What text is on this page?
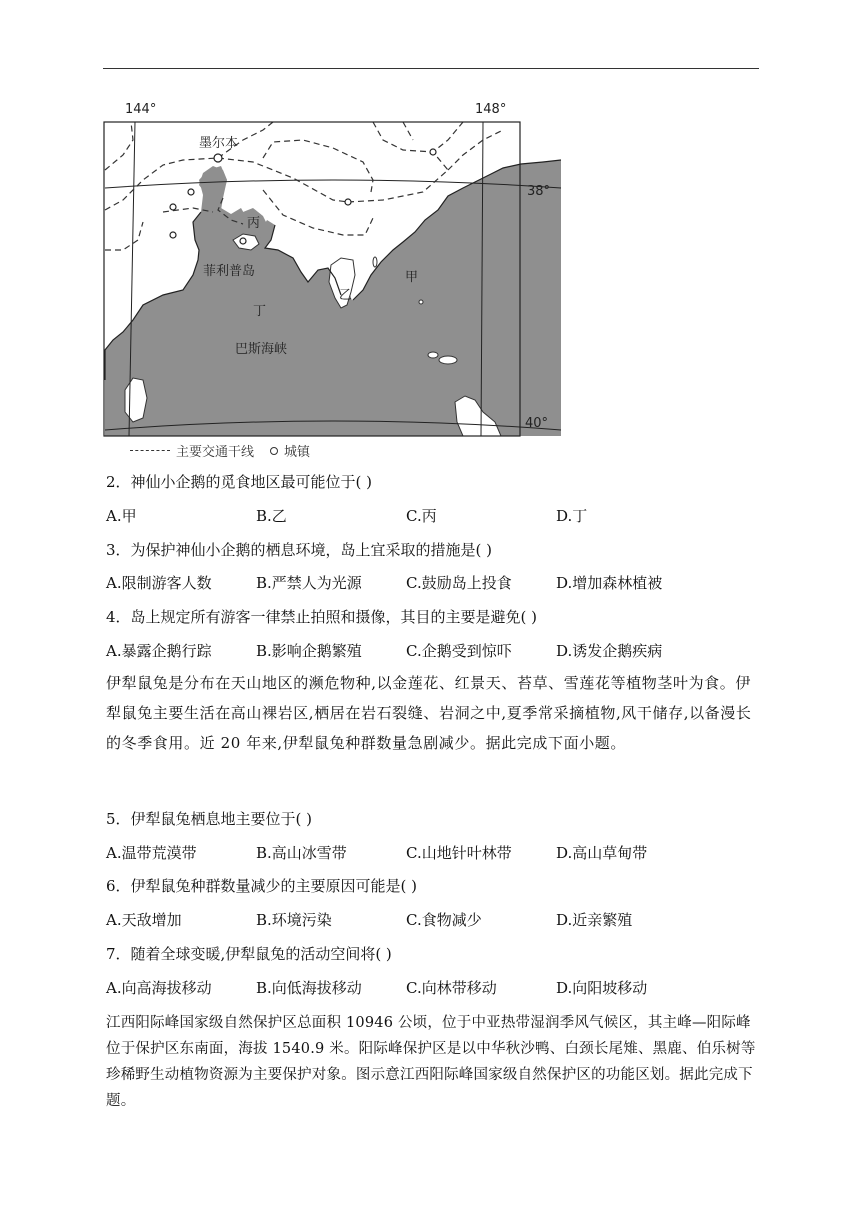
144°	148°
38°
40°
墨尔本
菲利普岛
巴斯海峡
甲
乙
丙
丁
主要交通干线 城镇
2．神仙小企鹅的觅食地区最可能位于( )
A.甲	B.乙	C.丙	D.丁
3．为保护神仙小企鹅的栖息环境，岛上宜采取的措施是( )
A.限制游客人数	B.严禁人为光源	C.鼓励岛上投食	D.增加森林植被
4．岛上规定所有游客一律禁止拍照和摄像，其目的主要是避免( )
A.暴露企鹅行踪	B.影响企鹅繁殖	C.企鹅受到惊吓	D.诱发企鹅疾病
伊犁鼠兔是分布在天山地区的濒危物种,以金莲花、红景天、苔草、雪莲花等植物茎叶为食。伊犁鼠兔主要生活在高山裸岩区,栖居在岩石裂缝、岩洞之中,夏季常采摘植物,风干储存,以备漫长的冬季食用。近 20 年来,伊犁鼠兔种群数量急剧减少。据此完成下面小题。
5．伊犁鼠兔栖息地主要位于( )
A.温带荒漠带	B.高山冰雪带	C.山地针叶林带	D.高山草甸带
6．伊犁鼠兔种群数量减少的主要原因可能是( )
A.天敌增加	B.环境污染	C.食物减少	D.近亲繁殖
7．随着全球变暖,伊犁鼠兔的活动空间将( )
A.向高海拔移动	B.向低海拔移动	C.向林带移动	D.向阳坡移动
江西阳际峰国家级自然保护区总面积 10946 公顷，位于中亚热带湿润季风气候区，其主峰—阳际峰位于保护区东南面，海拔 1540.9 米。阳际峰保护区是以中华秋沙鸭、白颈长尾雉、黑鹿、伯乐树等珍稀野生动植物资源为主要保护对象。图示意江西阳际峰国家级自然保护区的功能区划。据此完成下题。
